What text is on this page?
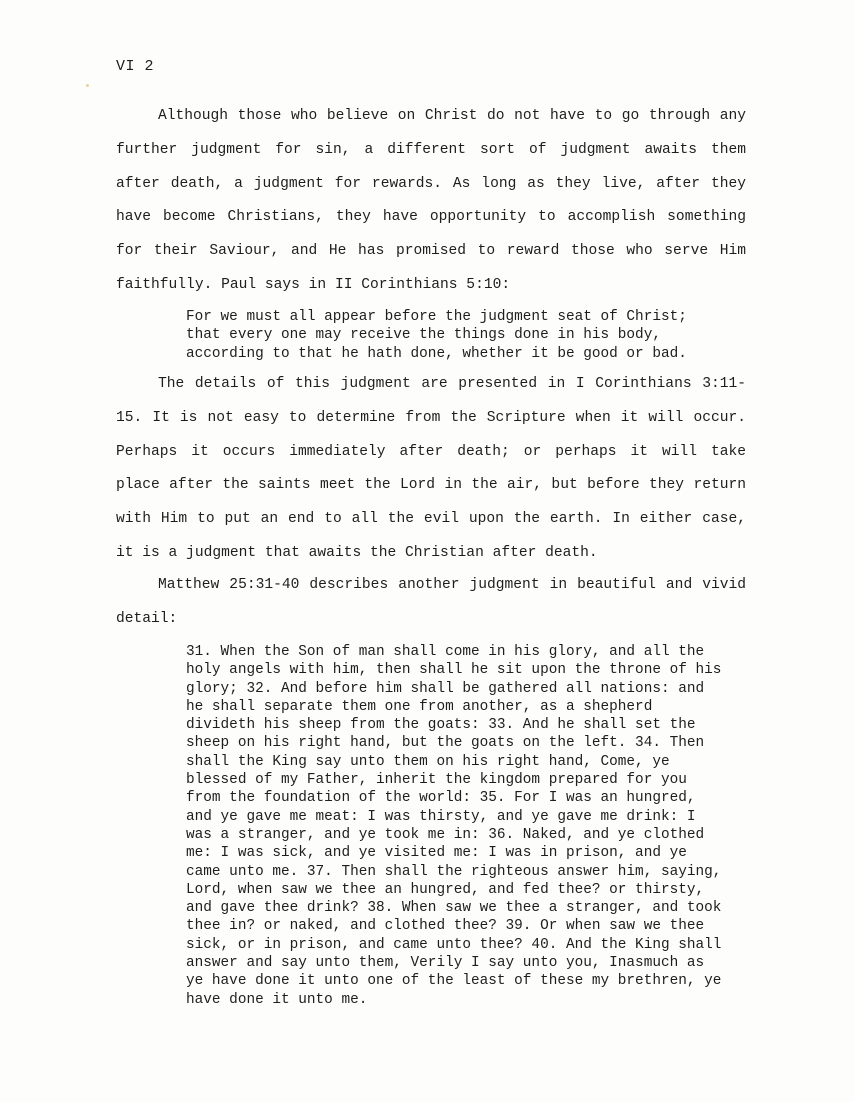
VI 2

Although those who believe on Christ do not have to go through any further judgment for sin, a different sort of judgment awaits them after death, a judgment for rewards. As long as they live, after they have become Christians, they have opportunity to accomplish something for their Saviour, and He has promised to reward those who serve Him faithfully. Paul says in II Corinthians 5:10:

For we must all appear before the judgment seat of Christ; that every one may receive the things done in his body, according to that he hath done, whether it be good or bad.

The details of this judgment are presented in I Corinthians 3:11-15. It is not easy to determine from the Scripture when it will occur. Perhaps it occurs immediately after death; or perhaps it will take place after the saints meet the Lord in the air, but before they return with Him to put an end to all the evil upon the earth. In either case, it is a judgment that awaits the Christian after death.

Matthew 25:31-40 describes another judgment in beautiful and vivid detail:

31. When the Son of man shall come in his glory, and all the holy angels with him, then shall he sit upon the throne of his glory; 32. And before him shall be gathered all nations: and he shall separate them one from another, as a shepherd divideth his sheep from the goats: 33. And he shall set the sheep on his right hand, but the goats on the left. 34. Then shall the King say unto them on his right hand, Come, ye blessed of my Father, inherit the kingdom prepared for you from the foundation of the world: 35. For I was an hungred, and ye gave me meat: I was thirsty, and ye gave me drink: I was a stranger, and ye took me in: 36. Naked, and ye clothed me: I was sick, and ye visited me: I was in prison, and ye came unto me. 37. Then shall the righteous answer him, saying, Lord, when saw we thee an hungred, and fed thee? or thirsty, and gave thee drink? 38. When saw we thee a stranger, and took thee in? or naked, and clothed thee? 39. Or when saw we thee sick, or in prison, and came unto thee? 40. And the King shall answer and say unto them, Verily I say unto you, Inasmuch as ye have done it unto one of the least of these my brethren, ye have done it unto me.
